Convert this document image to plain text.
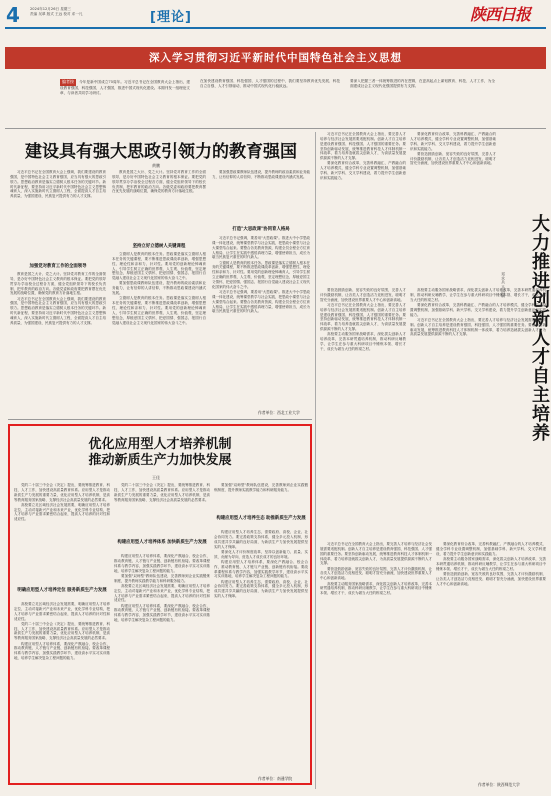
4	2024年12月26日 星期三
责编 吴翠 版式 王远 校对 邓一凡	[理论]	陕西日报
深入学习贯彻习近平新时代中国特色社会主义思想
编者按 今年是新中国成立75周年。习近平总书记在全国教育大会上指出，建设教育强国，科技强国，人才强国，推进中国式现代化建设。本期刊发一组理论文章，与读者共同学习研讨。
在加快建设教育强国、科技强国、人才强国的过程中，我们要坚持教育优先发展、科技自立自强、人才引领驱动，推动中国式现代化行稳致远。
要深入把握三者一体统筹推进的内在逻辑，在更高起点上谋划教育、科技、人才工作，为全面建成社会主义现代化强国提供有力支撑。
建设具有强大思政引领力的教育强国
黄鹏

习近平总书记在全国教育大会上强调，我们要建设的教育强国，是中国特色社会主义教育强国，应当具有强大的思政引领力。思想政治教育是落实立德树人根本任务的关键环节。新时代新征程，要坚持用习近平新时代中国特色社会主义思想铸魂育人，深入实施新时代立德树人工程，全面提高人才自主培养质量，为强国建设、民族复兴提供有力的人才支撑。

加强党对教育工作的全面领导

教育是国之大计、党之大计。坚持党对教育工作的全面领导，是办好中国特色社会主义教育的根本保证。要把党的领导贯穿办学治校全过程各方面，健全党组织领导下的校长负责制，把牢教育的政治方向。各级党委和政府要把教育摆在优先发展的战略位置，确保党的教育方针落地生根。

习近平总书记在全国教育大会上强调，我们要建设的教育强国，是中国特色社会主义教育强国，应当具有强大的思政引领力。思想政治教育是落实立德树人根本任务的关键环节。新时代新征程，要坚持用习近平新时代中国特色社会主义思想铸魂育人，深入实施新时代立德树人工程，全面提高人才自主培养质量，为强国建设、民族复兴提供有力的人才支撑。

教育是国之大计、党之大计。坚持党对教育工作的全面领导，是办好中国特色社会主义教育的根本保证。要把党的领导贯穿办学治校全过程各方面，健全党组织领导下的校长负责制，把牢教育的政治方向。各级党委和政府要把教育摆在优先发展的战略位置，确保党的教育方针落地生根。

坚持立好立德树人关键课程

立德树人是教育的根本任务。思政课是落实立德树人根本任务的关键课程，要不断推进思政课改革创新，增强思想性、理论性和亲和力、针对性。要用党的创新理论铸魂育人，引导学生树立正确的世界观、人生观、价值观，坚定理想信念，厚植爱国主义情怀，把爱国情、强国志、报国行自觉融入建设社会主义现代化国家的伟大奋斗之中。

要加强思政课教师队伍建设，提升教师的政治素质和业务能力，让有信仰的人讲信仰，不断推动思政课建设内涵式发展。

立德树人是教育的根本任务。思政课是落实立德树人根本任务的关键课程，要不断推进思政课改革创新，增强思想性、理论性和亲和力、针对性。要用党的创新理论铸魂育人，引导学生树立正确的世界观、人生观、价值观，坚定理想信念，厚植爱国主义情怀，把爱国情、强国志、报国行自觉融入建设社会主义现代化国家的伟大奋斗之中。

要加强思政课教师队伍建设，提升教师的政治素质和业务能力，让有信仰的人讲信仰，不断推动思政课建设内涵式发展。

打造"大思政课"协同育人格局

习近平总书记强调，要善用"大思政课"。推进大中小学思政课一体化建设，统筹课堂教学与社会实践，把思政小课堂与社会大课堂结合起来。要整合各类教育资源，构建全员全程全方位育人格局，让学生在实践中感悟真理力量，增强使命担当，成长为堪当民族复兴重任的时代新人。

立德树人是教育的根本任务。思政课是落实立德树人根本任务的关键课程，要不断推进思政课改革创新，增强思想性、理论性和亲和力、针对性。要用党的创新理论铸魂育人，引导学生树立正确的世界观、人生观、价值观，坚定理想信念，厚植爱国主义情怀，把爱国情、强国志、报国行自觉融入建设社会主义现代化国家的伟大奋斗之中。

习近平总书记强调，要善用"大思政课"。推进大中小学思政课一体化建设，统筹课堂教学与社会实践，把思政小课堂与社会大课堂结合起来。要整合各类教育资源，构建全员全程全方位育人格局，让学生在实践中感悟真理力量，增强使命担当，成长为堪当民族复兴重任的时代新人。

作者单位：西北工业大学

习近平总书记在全国教育大会上指出，要完善人才培养与经济社会发展需要适配机制。创新人才自主培养是建设教育强国、科技强国、人才强国的重要任务。要坚持创新驱动发展，统筹推进教育科技人才体制机制一体改革，着力培养造就拔尖创新人才，为高质量发展提供源源不断的人才支撑。

要深化教育综合改革，完善科教融汇、产教融合的人才培养模式，健全学科专业设置调整机制，加强基础学科、新兴学科、交叉学科建设，着力提升学生创新意识和实践能力。

要深化教育综合改革，完善科教融汇、产教融合的人才培养模式，健全学科专业设置调整机制，加强基础学科、新兴学科、交叉学科建设，着力提升学生创新意识和实践能力。

要营造鼓励创新、宽容失败的良好氛围，完善人才评价激励机制，让各类人才创造活力竞相迸发、聪明才智充分涌流，加快建设世界重要人才中心和创新高地。

大力推进创新人才自主培养
邓永兵 马冠颖

要营造鼓励创新、宽容失败的良好氛围，完善人才评价激励机制，让各类人才创造活力竞相迸发、聪明才智充分涌流，加快建设世界重要人才中心和创新高地。

习近平总书记在全国教育大会上指出，要完善人才培养与经济社会发展需要适配机制。创新人才自主培养是建设教育强国、科技强国、人才强国的重要任务。要坚持创新驱动发展，统筹推进教育科技人才体制机制一体改革，着力培养造就拔尖创新人才，为高质量发展提供源源不断的人才支撑。

高校要主动服务国家战略需求，深化拔尖创新人才培养改革，完善本研贯通培养机制，推动科研反哺教学，让学生在参与重大科研项目中锤炼本领、增长才干，成长为堪当大任的栋梁之材。

高校要主动服务国家战略需求，深化拔尖创新人才培养改革，完善本研贯通培养机制，推动科研反哺教学，让学生在参与重大科研项目中锤炼本领、增长才干，成长为堪当大任的栋梁之材。

要深化教育综合改革，完善科教融汇、产教融合的人才培养模式，健全学科专业设置调整机制，加强基础学科、新兴学科、交叉学科建设，着力提升学生创新意识和实践能力。

习近平总书记在全国教育大会上指出，要完善人才培养与经济社会发展需要适配机制。创新人才自主培养是建设教育强国、科技强国、人才强国的重要任务。要坚持创新驱动发展，统筹推进教育科技人才体制机制一体改革，着力培养造就拔尖创新人才，为高质量发展提供源源不断的人才支撑。

习近平总书记在全国教育大会上指出，要完善人才培养与经济社会发展需要适配机制。创新人才自主培养是建设教育强国、科技强国、人才强国的重要任务。要坚持创新驱动发展，统筹推进教育科技人才体制机制一体改革，着力培养造就拔尖创新人才，为高质量发展提供源源不断的人才支撑。

要营造鼓励创新、宽容失败的良好氛围，完善人才评价激励机制，让各类人才创造活力竞相迸发、聪明才智充分涌流，加快建设世界重要人才中心和创新高地。

高校要主动服务国家战略需求，深化拔尖创新人才培养改革，完善本研贯通培养机制，推动科研反哺教学，让学生在参与重大科研项目中锤炼本领、增长才干，成长为堪当大任的栋梁之材。

要深化教育综合改革，完善科教融汇、产教融合的人才培养模式，健全学科专业设置调整机制，加强基础学科、新兴学科、交叉学科建设，着力提升学生创新意识和实践能力。

高校要主动服务国家战略需求，深化拔尖创新人才培养改革，完善本研贯通培养机制，推动科研反哺教学，让学生在参与重大科研项目中锤炼本领、增长才干，成长为堪当大任的栋梁之材。

要营造鼓励创新、宽容失败的良好氛围，完善人才评价激励机制，让各类人才创造活力竞相迸发、聪明才智充分涌流，加快建设世界重要人才中心和创新高地。

作者单位：陕西师范大学
优化应用型人才培养机制
推动新质生产力加快发展
王佳

党的二十届三中全会《决定》提出，要统筹推进教育、科技、人才工作，加快建设高质量教育体系。应用型人才是推动新质生产力发展的重要力量，优化应用型人才培养机制，是高等教育服务国家战略、支撑经济社会高质量发展的必然要求。

高校要立足区域经济社会发展需要，明确应用型人才培养定位，主动对接新兴产业和未来产业，优化学科专业结构，把人才培养与产业需求紧密结合起来，提高人才培养的针对性和适应性。

明确应用型人才培养定位 服务新质生产力发展

高校要立足区域经济社会发展需要，明确应用型人才培养定位，主动对接新兴产业和未来产业，优化学科专业结构，把人才培养与产业需求紧密结合起来，提高人才培养的针对性和适应性。

党的二十届三中全会《决定》提出，要统筹推进教育、科技、人才工作，加快建设高质量教育体系。应用型人才是推动新质生产力发展的重要力量，优化应用型人才培养机制，是高等教育服务国家战略、支撑经济社会高质量发展的必然要求。

构建应用型人才培养体系，要深化产教融合、校企合作，推动教育链、人才链与产业链、创新链有机衔接。要改革课程体系与教学内容，加强实践教学环节，建设高水平实习实训基地，培养学生解决复杂工程问题的能力。

党的二十届三中全会《决定》提出，要统筹推进教育、科技、人才工作，加快建设高质量教育体系。应用型人才是推动新质生产力发展的重要力量，优化应用型人才培养机制，是高等教育服务国家战略、支撑经济社会高质量发展的必然要求。

构建应用型人才培养体系 加快新质生产力发展

构建应用型人才培养体系，要深化产教融合、校企合作，推动教育链、人才链与产业链、创新链有机衔接。要改革课程体系与教学内容，加强实践教学环节，建设高水平实习实训基地，培养学生解决复杂工程问题的能力。

要加强"双师型"教师队伍建设，完善教师到企业实践锻炼制度，提升教师实践教学能力和科研服务能力。

高校要立足区域经济社会发展需要，明确应用型人才培养定位，主动对接新兴产业和未来产业，优化学科专业结构，把人才培养与产业需求紧密结合起来，提高人才培养的针对性和适应性。

构建应用型人才培养体系，要深化产教融合、校企合作，推动教育链、人才链与产业链、创新链有机衔接。要改革课程体系与教学内容，加强实践教学环节，建设高水平实习实训基地，培养学生解决复杂工程问题的能力。

要加强"双师型"教师队伍建设，完善教师到企业实践锻炼制度，提升教师实践教学能力和科研服务能力。

构建应用型人才培养生态 助推新质生产力发展

构建应用型人才培养生态，需要政府、高校、企业、社会协同发力。要完善政策支持体系，健全多元投入机制，形成共建共享共赢的良好局面，为新质生产力加快发展提供坚实的人才保障。

要深化人才评价制度改革，坚持以创新能力、质量、实效、贡献为导向，营造人才成长成才的良好环境。

构建应用型人才培养体系，要深化产教融合、校企合作，推动教育链、人才链与产业链、创新链有机衔接。要改革课程体系与教学内容，加强实践教学环节，建设高水平实习实训基地，培养学生解决复杂工程问题的能力。

构建应用型人才培养生态，需要政府、高校、企业、社会协同发力。要完善政策支持体系，健全多元投入机制，形成共建共享共赢的良好局面，为新质生产力加快发展提供坚实的人才保障。

作者单位：南通学院
